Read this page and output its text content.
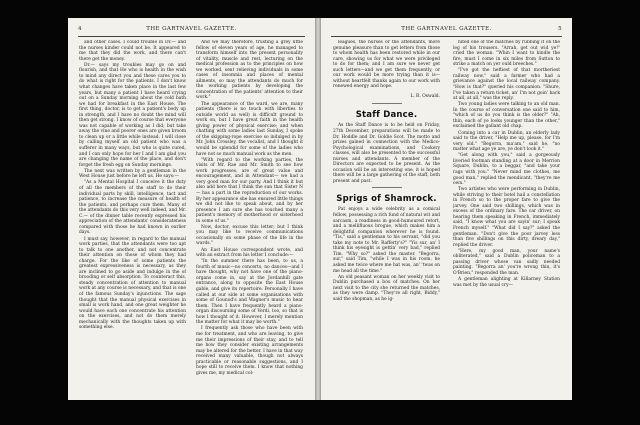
4	THE GARTNAVEL GAZETTE.

and other cases. I could trouble in Dr.— and the nurses kinder could not be. It appeared to me that they did the work, and there can't there get the money.

Dr.— says my troubles may go on and flourish, and that He who is health in the wish to mind any direct you and these cares you to do what is right for the patients. I don't know what changes have taken place in the last few years, but many a patient I have heard crying out on a Sunday morning about the cold bath we had for breakfast in the East House. The first thing, doctor, is to get a patient's body up in strength, and I have no doubt the mind will then get strong. I know of course that everyone was not capable of working as I did; but take away the vine and poorer ones are given broom to clean up or a little while instead. I will close by calling myself an old patient who was a sufferer in many ways, but who is quite cured, and I can only hope for her I and I am glad you are changing the name of the place, and don't forget the fresh egg on Sunday mornings.

The next was written by a gentleman in the West House just before he left us. He says:—

"As a Mental Hospital I conceive it the duty of all the members of the staff to do their individual parts by skill, intelligence, tact and patience, to increase the measure of health of the patients, and perhaps cure them. Many of the attendants do this very well indeed, and Mr. C.— of the dinner table recently expressed his appreciation of the attendants' considerateness compared with those he had known in earlier days.

I must say, however, in regard to the manual work parties, that the attendants were too apt to talk to one another, and not concentrate their attention on those of whom they had charge. For the like of some patients the greatest expressiveness is necessary, as they are inclined to go aside and indulge in the of brooding or self absorption. To counteract this, steady concentration of attention to manual work at any course is necessary, and that is one of the famous Sunday's injunctions. The sage thought that the manual physical exercises in small is work hand, and one great weighter he would have each one concentrate his attention on the exercises, and not do them merely mechanically with the thoughts taken up with something else.

And we may therefore, trusting a grey little fellow of eleven years of age, he managed to transform himself into the present personality of vitality, muscle and rest, lecturing on the medical profession as to the principles on how we worked, sent relieving individuals in some cases of insomnia and places of mental ailments, so may the attendants do much for the working patients by developing the concentration of the patients' attention to their work."

The appearance of the ward, we are, many patients (there is no touch with liberties to outside world as well) is difficult ground to work on, but I have great faith in the health giving power of physical exercise; and when chatting with some ladies last Sunday, I spoke of the skipping-rope exercise so indulged in by Mr. John Crossley, the vocalist, and I thought it would be splendid for some of the ladies who have not so much manual work as the men.

"With regard to the working parties, the visits of Mr. Rae and Mr. Smith to see how work progresses, are of great value and encouragement, and in Attendant— we had a very good man for our party. And I think it but also add here that I think the sun that Sister N— has a part in the reproduction of our works. By her appearance she has ensured little things we did not like to speak about, and by her presence I am sure she has touched many a patient's memory of motherhood or sisterhood in some of us."

Now, doctor, excuse this letter; but I think you may like to receive communications occasionally on some phase of the life in the wards."

An East House correspondent wrote, and with an extract from his letter I conclude:—

"In the summer there has been, to us, a fourth of music—no concerts, no dances—and I have thought, why not have one of the piano-organs come in, say at the Jordanhill gate entrance, along to opposite the East House gable, and give its repertoire. Personally I have called at our side at some organisations with some of Gounod's and Wagner's music to hear them. Then I have frequently heard a piano-organ discoursing some of Verdi, too, so that is how I thought of it. However, I merely mention the matter for what it may be worth."

I frequently ask those who have been with me for treatment, and who are leaving, to give me their impressions of their stay, and to tell me how they consider existing arrangements may be altered for the better. I have in that way received many valuable, though not always practicable or reasonable suggestions, and I hope still to receive them. I know that nothing gives me, my medical col-

THE GARTNAVEL GAZETTE.	5

leagues, the nurses or the attendants, more genuine pleasure than to get letters from those to whom health has been restored while in our care, showing us for what we were privileged to do for them; and I am sure we never get such letters—and we get them frequently, or our work would be more trying than it is—without heartfelt thanks again to our work with renewed energy and hope.

L. R. Oswald.

Staff Dance.

As the Staff Dance is to be held on Friday, 27th December, preparations will be made to Dr. Hoddle and Dr. Goldie Scot. The motto and prizes gained in connection with the Medico-Psychological examinations, and Cookery classes, will also be presented to the successful nurses and attendants. A member of the Directors are expected to be present. As the occasion will be an interesting one, it is hoped there will be a large gathering of the staff, both present and past.

Sprigs of Shamrock.

Pat enjoys a wide celebrity as a comical fellow, possessing a rich fund of natural wit and sarcasm, a readiness in good-humoured retort, and a mellifluous brogue, which makes him a delightful companion wherever he is found. "Tis," said a gentleman to his servant, "did you take my note to Mr. Rafferty's?" "Yis sur, an' I think his eyesight is gettin' very bad," replied Tim. "Why so?" asked the master. "Begorra, sur," said Tim, "while I was in his room, he asked me twice where me hat was, an' 'twas on me head all the time."

An old peasant woman on her weekly visit to Dublin purchased a box of matches. On her next visit to the city she returned the matches, as they were damp. "They're all right, Biddy," said the shopman, as he ig-

nited one of the matches by rubbing it on the leg of his trousers. "Arrah, get out wid ye!" cried the woman. "Whin I want to kindle the fire, must I come in six miles from Sutton to strike a match on yer ould breeches."

"I've got the heftiest of that mortheriest railway now," said a farmer who had a grievance against the local railway company. "How is that?" queried his companion. "Shure, I've taken a return ticket, an' I'm not goin' back at all, at all," was the reply.

Two young ladies were talking to an old man. In the course of conversation one said to him, "which of us do you think is the older?" "Ah, thin, each of ye looks younger than the other," exclaimed the gallant old chap.

Coming into a car in Dublin, an elderly lady said to the driver, "Help me up, please, for I'm very old." "Begorra, ma'am," said he, "no matter what age ye are, ye don't look it."

"Get along with you," said a gorgeously liveried footman standing at a door in Merrion Square, Dublin, to a beggar, "and take your rags with you." "Never mind me clothes, me good man," replied the mendicant, "they're me own."

Two artistes who were performing in Dublin, while striving to their hotel hail a constellation in French so to the proper fare to give the jarvey. One said two shillings, which was in excess of the ordinary fare. The car driver, on hearing them speaking in French, immediately said, "I know what you are sayin' sur; I speak French myself." "What did I say?" asked the gentleman. "Don't give the poor jarvey less than five shillings on this dirty, dreary day," replied the driver.

"Here, my good man, your name's obliterated," said a Dublin policeman to a passing driver whose van sadly needed painting. "Begorra an' you're wrong thin, it's O'Brien," responded the man.

A gentleman alighting at Killarney Station was met by the usual cry—
